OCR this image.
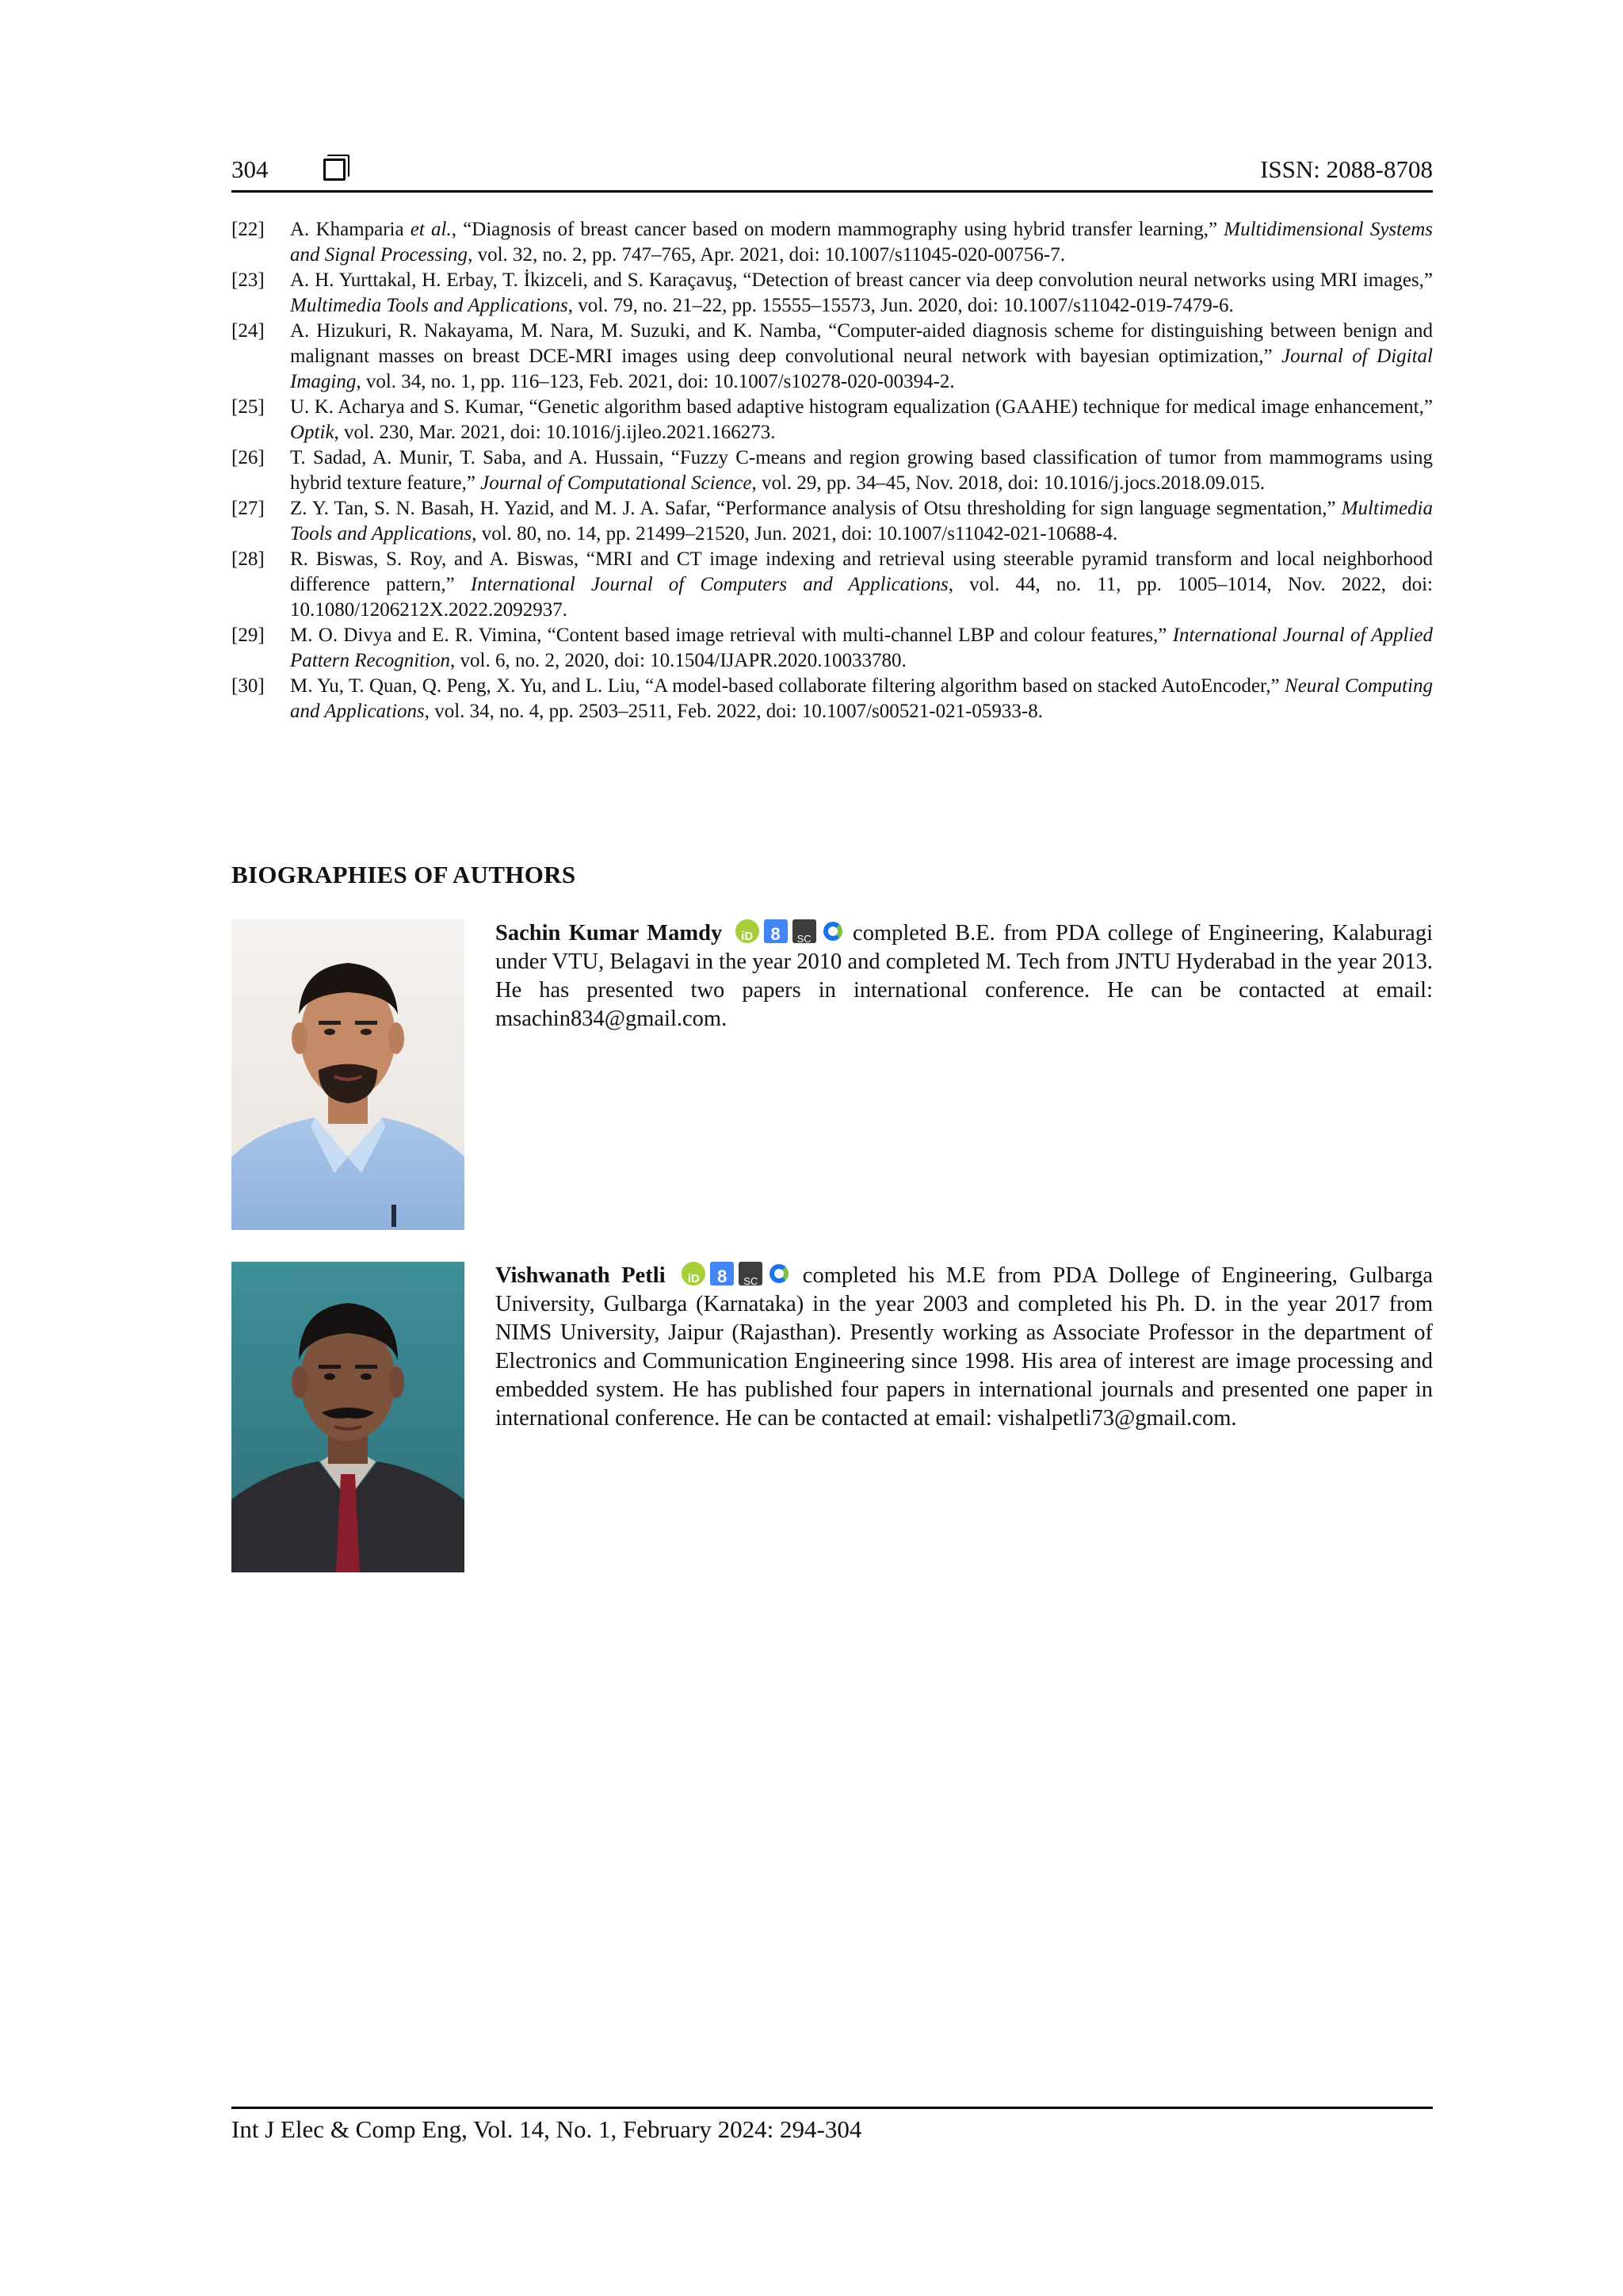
304	ISSN: 2088-8708
[22]	A. Khamparia et al., “Diagnosis of breast cancer based on modern mammography using hybrid transfer learning,” Multidimensional Systems and Signal Processing, vol. 32, no. 2, pp. 747–765, Apr. 2021, doi: 10.1007/s11045-020-00756-7.
[23]	A. H. Yurttakal, H. Erbay, T. İkizceli, and S. Karaçavuş, “Detection of breast cancer via deep convolution neural networks using MRI images,” Multimedia Tools and Applications, vol. 79, no. 21–22, pp. 15555–15573, Jun. 2020, doi: 10.1007/s11042-019-7479-6.
[24]	A. Hizukuri, R. Nakayama, M. Nara, M. Suzuki, and K. Namba, “Computer-aided diagnosis scheme for distinguishing between benign and malignant masses on breast DCE-MRI images using deep convolutional neural network with bayesian optimization,” Journal of Digital Imaging, vol. 34, no. 1, pp. 116–123, Feb. 2021, doi: 10.1007/s10278-020-00394-2.
[25]	U. K. Acharya and S. Kumar, “Genetic algorithm based adaptive histogram equalization (GAAHE) technique for medical image enhancement,” Optik, vol. 230, Mar. 2021, doi: 10.1016/j.ijleo.2021.166273.
[26]	T. Sadad, A. Munir, T. Saba, and A. Hussain, “Fuzzy C-means and region growing based classification of tumor from mammograms using hybrid texture feature,” Journal of Computational Science, vol. 29, pp. 34–45, Nov. 2018, doi: 10.1016/j.jocs.2018.09.015.
[27]	Z. Y. Tan, S. N. Basah, H. Yazid, and M. J. A. Safar, “Performance analysis of Otsu thresholding for sign language segmentation,” Multimedia Tools and Applications, vol. 80, no. 14, pp. 21499–21520, Jun. 2021, doi: 10.1007/s11042-021-10688-4.
[28]	R. Biswas, S. Roy, and A. Biswas, “MRI and CT image indexing and retrieval using steerable pyramid transform and local neighborhood difference pattern,” International Journal of Computers and Applications, vol. 44, no. 11, pp. 1005–1014, Nov. 2022, doi: 10.1080/1206212X.2022.2092937.
[29]	M. O. Divya and E. R. Vimina, “Content based image retrieval with multi-channel LBP and colour features,” International Journal of Applied Pattern Recognition, vol. 6, no. 2, 2020, doi: 10.1504/IJAPR.2020.10033780.
[30]	M. Yu, T. Quan, Q. Peng, X. Yu, and L. Liu, “A model-based collaborate filtering algorithm based on stacked AutoEncoder,” Neural Computing and Applications, vol. 34, no. 4, pp. 2503–2511, Feb. 2022, doi: 10.1007/s00521-021-05933-8.
BIOGRAPHIES OF AUTHORS
Sachin Kumar Mamdy iD 8 SC	completed B.E. from PDA college of Engineering, Kalaburagi under VTU, Belagavi in the year 2010 and completed M. Tech from JNTU Hyderabad in the year 2013. He has presented two papers in international conference. He can be contacted at email: msachin834@gmail.com.
Vishwanath Petli iD 8 SC	completed his M.E from PDA Dollege of Engineering, Gulbarga University, Gulbarga (Karnataka) in the year 2003 and completed his Ph. D. in the year 2017 from NIMS University, Jaipur (Rajasthan). Presently working as Associate Professor in the department of Electronics and Communication Engineering since 1998. His area of interest are image processing and embedded system. He has published four papers in international journals and presented one paper in international conference. He can be contacted at email: vishalpetli73@gmail.com.
Int J Elec & Comp Eng, Vol. 14, No. 1, February 2024: 294-304
